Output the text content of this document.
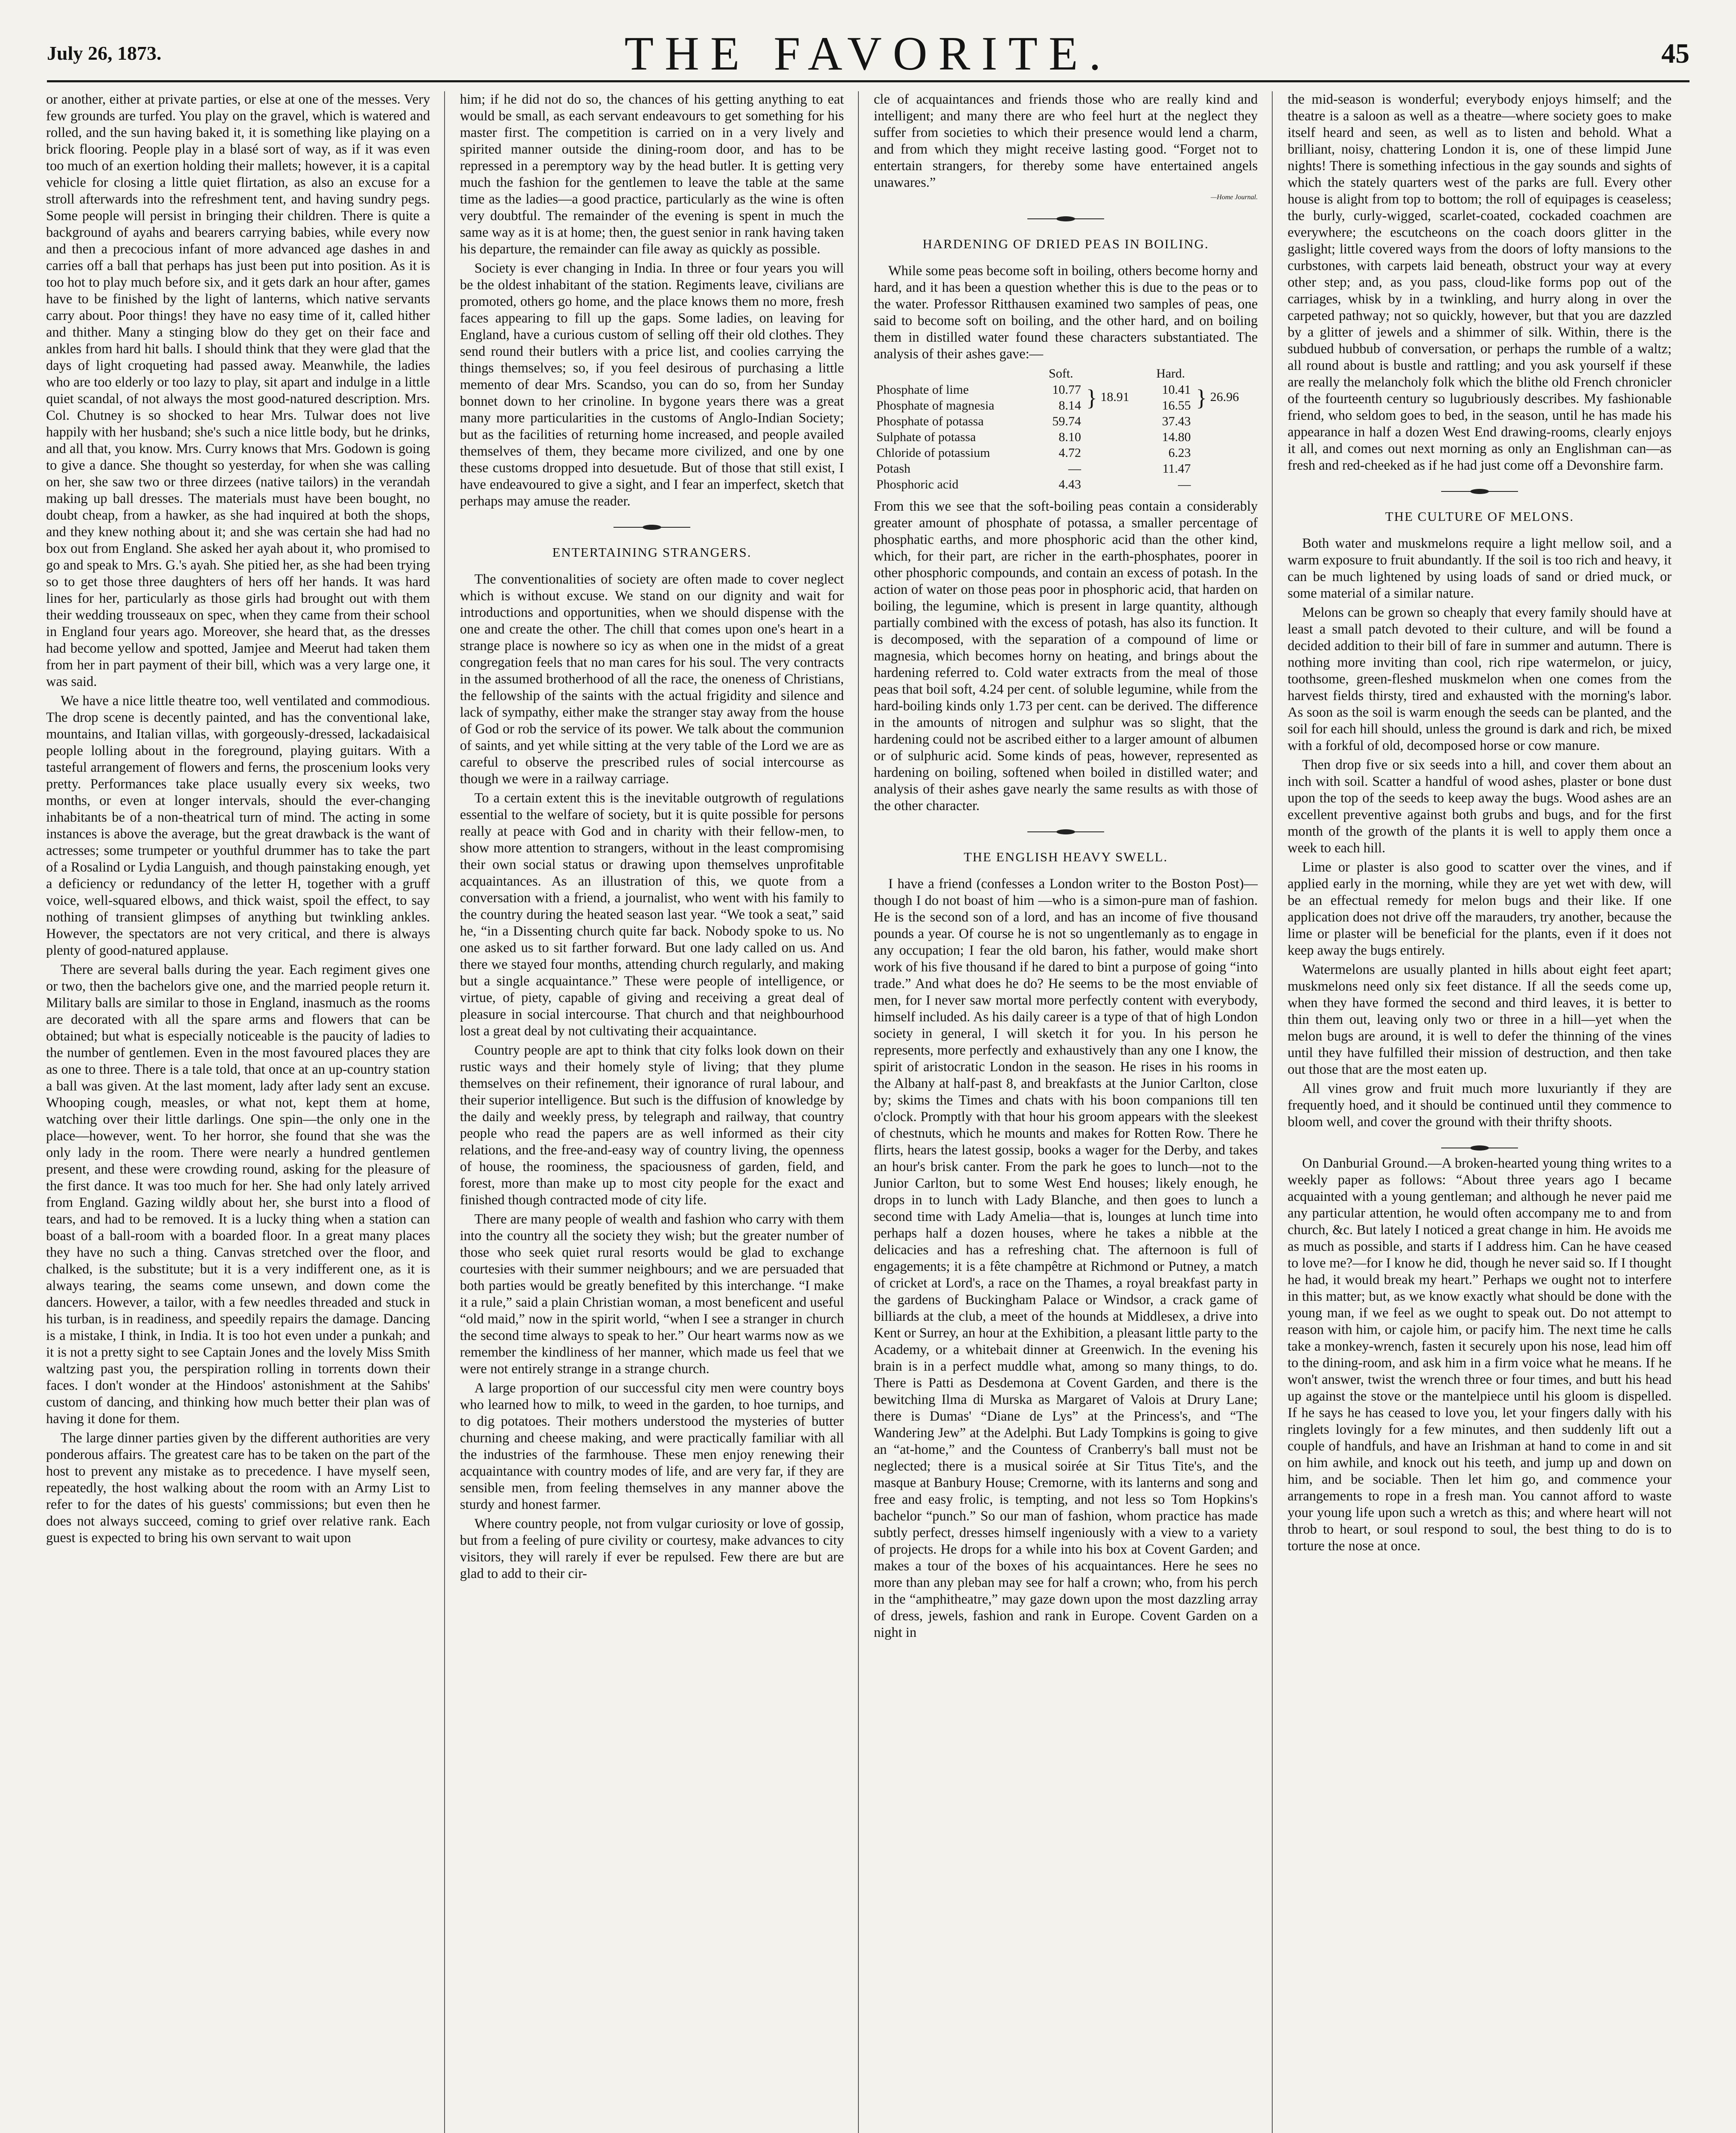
July 26, 1873.	THE FAVORITE.	45

or another, either at private parties, or else at one of the messes. Very few grounds are turfed. You play on the gravel, which is watered and rolled, and the sun having baked it, it is something like playing on a brick flooring. People play in a blasé sort of way, as if it was even too much of an exertion holding their mallets; however, it is a capital vehicle for closing a little quiet flirtation, as also an excuse for a stroll afterwards into the refreshment tent, and having sundry pegs. Some people will persist in bringing their children. There is quite a background of ayahs and bearers carrying babies, while every now and then a precocious infant of more advanced age dashes in and carries off a ball that perhaps has just been put into position. As it is too hot to play much before six, and it gets dark an hour after, games have to be finished by the light of lanterns, which native servants carry about. Poor things! they have no easy time of it, called hither and thither. Many a stinging blow do they get on their face and ankles from hard hit balls. I should think that they were glad that the days of light croqueting had passed away. Meanwhile, the ladies who are too elderly or too lazy to play, sit apart and indulge in a little quiet scandal, of not always the most good-natured description. Mrs. Col. Chutney is so shocked to hear Mrs. Tulwar does not live happily with her husband; she's such a nice little body, but he drinks, and all that, you know. Mrs. Curry knows that Mrs. Godown is going to give a dance. She thought so yesterday, for when she was calling on her, she saw two or three dirzees (native tailors) in the verandah making up ball dresses. The materials must have been bought, no doubt cheap, from a hawker, as she had inquired at both the shops, and they knew nothing about it; and she was certain she had had no box out from England. She asked her ayah about it, who promised to go and speak to Mrs. G.'s ayah. She pitied her, as she had been trying so to get those three daughters of hers off her hands. It was hard lines for her, particularly as those girls had brought out with them their wedding trousseaux on spec, when they came from their school in England four years ago. Moreover, she heard that, as the dresses had become yellow and spotted, Jamjee and Meerut had taken them from her in part payment of their bill, which was a very large one, it was said.

We have a nice little theatre too, well ventilated and commodious. The drop scene is decently painted, and has the conventional lake, mountains, and Italian villas, with gorgeously-dressed, lackadaisical people lolling about in the foreground, playing guitars. With a tasteful arrangement of flowers and ferns, the proscenium looks very pretty. Performances take place usually every six weeks, two months, or even at longer intervals, should the ever-changing inhabitants be of a non-theatrical turn of mind. The acting in some instances is above the average, but the great drawback is the want of actresses; some trumpeter or youthful drummer has to take the part of a Rosalind or Lydia Languish, and though painstaking enough, yet a deficiency or redundancy of the letter H, together with a gruff voice, well-squared elbows, and thick waist, spoil the effect, to say nothing of transient glimpses of anything but twinkling ankles. However, the spectators are not very critical, and there is always plenty of good-natured applause.

There are several balls during the year. Each regiment gives one or two, then the bachelors give one, and the married people return it. Military balls are similar to those in England, inasmuch as the rooms are decorated with all the spare arms and flowers that can be obtained; but what is especially noticeable is the paucity of ladies to the number of gentlemen. Even in the most favoured places they are as one to three. There is a tale told, that once at an up-country station a ball was given. At the last moment, lady after lady sent an excuse. Whooping cough, measles, or what not, kept them at home, watching over their little darlings. One spin—the only one in the place—however, went. To her horror, she found that she was the only lady in the room. There were nearly a hundred gentlemen present, and these were crowding round, asking for the pleasure of the first dance. It was too much for her. She had only lately arrived from England. Gazing wildly about her, she burst into a flood of tears, and had to be removed. It is a lucky thing when a station can boast of a ball-room with a boarded floor. In a great many places they have no such a thing. Canvas stretched over the floor, and chalked, is the substitute; but it is a very indifferent one, as it is always tearing, the seams come unsewn, and down come the dancers. However, a tailor, with a few needles threaded and stuck in his turban, is in readiness, and speedily repairs the damage. Dancing is a mistake, I think, in India. It is too hot even under a punkah; and it is not a pretty sight to see Captain Jones and the lovely Miss Smith waltzing past you, the perspiration rolling in torrents down their faces. I don't wonder at the Hindoos' astonishment at the Sahibs' custom of dancing, and thinking how much better their plan was of having it done for them.

The large dinner parties given by the different authorities are very ponderous affairs. The greatest care has to be taken on the part of the host to prevent any mistake as to precedence. I have myself seen, repeatedly, the host walking about the room with an Army List to refer to for the dates of his guests' commissions; but even then he does not always succeed, coming to grief over relative rank. Each guest is expected to bring his own servant to wait upon

him; if he did not do so, the chances of his getting anything to eat would be small, as each servant endeavours to get something for his master first. The competition is carried on in a very lively and spirited manner outside the dining-room door, and has to be repressed in a peremptory way by the head butler. It is getting very much the fashion for the gentlemen to leave the table at the same time as the ladies—a good practice, particularly as the wine is often very doubtful. The remainder of the evening is spent in much the same way as it is at home; then, the guest senior in rank having taken his departure, the remainder can file away as quickly as possible.

Society is ever changing in India. In three or four years you will be the oldest inhabitant of the station. Regiments leave, civilians are promoted, others go home, and the place knows them no more, fresh faces appearing to fill up the gaps. Some ladies, on leaving for England, have a curious custom of selling off their old clothes. They send round their butlers with a price list, and coolies carrying the things themselves; so, if you feel desirous of purchasing a little memento of dear Mrs. Scandso, you can do so, from her Sunday bonnet down to her crinoline. In bygone years there was a great many more particularities in the customs of Anglo-Indian Society; but as the facilities of returning home increased, and people availed themselves of them, they became more civilized, and one by one these customs dropped into desuetude. But of those that still exist, I have endeavoured to give a sight, and I fear an imperfect, sketch that perhaps may amuse the reader.

ENTERTAINING STRANGERS.

The conventionalities of society are often made to cover neglect which is without excuse. We stand on our dignity and wait for introductions and opportunities, when we should dispense with the one and create the other. The chill that comes upon one's heart in a strange place is nowhere so icy as when one in the midst of a great congregation feels that no man cares for his soul. The very contracts in the assumed brotherhood of all the race, the oneness of Christians, the fellowship of the saints with the actual frigidity and silence and lack of sympathy, either make the stranger stay away from the house of God or rob the service of its power. We talk about the communion of saints, and yet while sitting at the very table of the Lord we are as careful to observe the prescribed rules of social intercourse as though we were in a railway carriage.

To a certain extent this is the inevitable outgrowth of regulations essential to the welfare of society, but it is quite possible for persons really at peace with God and in charity with their fellow-men, to show more attention to strangers, without in the least compromising their own social status or drawing upon themselves unprofitable acquaintances. As an illustration of this, we quote from a conversation with a friend, a journalist, who went with his family to the country during the heated season last year. “We took a seat,” said he, “in a Dissenting church quite far back. Nobody spoke to us. No one asked us to sit farther forward. But one lady called on us. And there we stayed four months, attending church regularly, and making but a single acquaintance.” These were people of intelligence, or virtue, of piety, capable of giving and receiving a great deal of pleasure in social intercourse. That church and that neighbourhood lost a great deal by not cultivating their acquaintance.

Country people are apt to think that city folks look down on their rustic ways and their homely style of living; that they plume themselves on their refinement, their ignorance of rural labour, and their superior intelligence. But such is the diffusion of knowledge by the daily and weekly press, by telegraph and railway, that country people who read the papers are as well informed as their city relations, and the free-and-easy way of country living, the openness of house, the roominess, the spaciousness of garden, field, and forest, more than make up to most city people for the exact and finished though contracted mode of city life.

There are many people of wealth and fashion who carry with them into the country all the society they wish; but the greater number of those who seek quiet rural resorts would be glad to exchange courtesies with their summer neighbours; and we are persuaded that both parties would be greatly benefited by this interchange. “I make it a rule,” said a plain Christian woman, a most beneficent and useful “old maid,” now in the spirit world, “when I see a stranger in church the second time always to speak to her.” Our heart warms now as we remember the kindliness of her manner, which made us feel that we were not entirely strange in a strange church.

A large proportion of our successful city men were country boys who learned how to milk, to weed in the garden, to hoe turnips, and to dig potatoes. Their mothers understood the mysteries of butter churning and cheese making, and were practically familiar with all the industries of the farmhouse. These men enjoy renewing their acquaintance with country modes of life, and are very far, if they are sensible men, from feeling themselves in any manner above the sturdy and honest farmer.

Where country people, not from vulgar curiosity or love of gossip, but from a feeling of pure civility or courtesy, make advances to city visitors, they will rarely if ever be repulsed. Few there are but are glad to add to their cir-

cle of acquaintances and friends those who are really kind and intelligent; and many there are who feel hurt at the neglect they suffer from societies to which their presence would lend a charm, and from which they might receive lasting good. “Forget not to entertain strangers, for thereby some have entertained angels unawares.”

—Home Journal.
HARDENING OF DRIED PEAS IN BOILING.

While some peas become soft in boiling, others become horny and hard, and it has been a question whether this is due to the peas or to the water. Professor Ritthausen examined two samples of peas, one said to become soft on boiling, and the other hard, and on boiling them in distilled water found these characters substantiated. The analysis of their ashes gave:—

	Soft.		Hard.	
Phosphate of lime	10.77	} 18.91	10.41	} 26.96
Phosphate of magnesia	8.14		16.55	
Phosphate of potassa	59.74		37.43	
Sulphate of potassa	8.10		14.80	
Chloride of potassium	4.72		6.23	
Potash	—		11.47	
Phosphoric acid	4.43		—	

From this we see that the soft-boiling peas contain a considerably greater amount of phosphate of potassa, a smaller percentage of phosphatic earths, and more phosphoric acid than the other kind, which, for their part, are richer in the earth-phosphates, poorer in other phosphoric compounds, and contain an excess of potash. In the action of water on those peas poor in phosphoric acid, that harden on boiling, the legumine, which is present in large quantity, although partially combined with the excess of potash, has also its function. It is decomposed, with the separation of a compound of lime or magnesia, which becomes horny on heating, and brings about the hardening referred to. Cold water extracts from the meal of those peas that boil soft, 4.24 per cent. of soluble legumine, while from the hard-boiling kinds only 1.73 per cent. can be derived. The difference in the amounts of nitrogen and sulphur was so slight, that the hardening could not be ascribed either to a larger amount of albumen or of sulphuric acid. Some kinds of peas, however, represented as hardening on boiling, softened when boiled in distilled water; and analysis of their ashes gave nearly the same results as with those of the other character.

THE ENGLISH HEAVY SWELL.

I have a friend (confesses a London writer to the Boston Post)—though I do not boast of him —who is a simon-pure man of fashion. He is the second son of a lord, and has an income of five thousand pounds a year. Of course he is not so ungentlemanly as to engage in any occupation; I fear the old baron, his father, would make short work of his five thousand if he dared to bint a purpose of going “into trade.” And what does he do? He seems to be the most enviable of men, for I never saw mortal more perfectly content with everybody, himself included. As his daily career is a type of that of high London society in general, I will sketch it for you. In his person he represents, more perfectly and exhaustively than any one I know, the spirit of aristocratic London in the season. He rises in his rooms in the Albany at half-past 8, and breakfasts at the Junior Carlton, close by; skims the Times and chats with his boon companions till ten o'clock. Promptly with that hour his groom appears with the sleekest of chestnuts, which he mounts and makes for Rotten Row. There he flirts, hears the latest gossip, books a wager for the Derby, and takes an hour's brisk canter. From the park he goes to lunch—not to the Junior Carlton, but to some West End houses; likely enough, he drops in to lunch with Lady Blanche, and then goes to lunch a second time with Lady Amelia—that is, lounges at lunch time into perhaps half a dozen houses, where he takes a nibble at the delicacies and has a refreshing chat. The afternoon is full of engagements; it is a fête champêtre at Richmond or Putney, a match of cricket at Lord's, a race on the Thames, a royal breakfast party in the gardens of Buckingham Palace or Windsor, a crack game of billiards at the club, a meet of the hounds at Middlesex, a drive into Kent or Surrey, an hour at the Exhibition, a pleasant little party to the Academy, or a whitebait dinner at Greenwich. In the evening his brain is in a perfect muddle what, among so many things, to do. There is Patti as Desdemona at Covent Garden, and there is the bewitching Ilma di Murska as Margaret of Valois at Drury Lane; there is Dumas' “Diane de Lys” at the Princess's, and “The Wandering Jew” at the Adelphi. But Lady Tompkins is going to give an “at-home,” and the Countess of Cranberry's ball must not be neglected; there is a musical soirée at Sir Titus Tite's, and the masque at Banbury House; Cremorne, with its lanterns and song and free and easy frolic, is tempting, and not less so Tom Hopkins's bachelor “punch.” So our man of fashion, whom practice has made subtly perfect, dresses himself ingeniously with a view to a variety of projects. He drops for a while into his box at Covent Garden; and makes a tour of the boxes of his acquaintances. Here he sees no more than any pleban may see for half a crown; who, from his perch in the “amphitheatre,” may gaze down upon the most dazzling array of dress, jewels, fashion and rank in Europe. Covent Garden on a night in

the mid-season is wonderful; everybody enjoys himself; and the theatre is a saloon as well as a theatre—where society goes to make itself heard and seen, as well as to listen and behold. What a brilliant, noisy, chattering London it is, one of these limpid June nights! There is something infectious in the gay sounds and sights of which the stately quarters west of the parks are full. Every other house is alight from top to bottom; the roll of equipages is ceaseless; the burly, curly-wigged, scarlet-coated, cockaded coachmen are everywhere; the escutcheons on the coach doors glitter in the gaslight; little covered ways from the doors of lofty mansions to the curbstones, with carpets laid beneath, obstruct your way at every other step; and, as you pass, cloud-like forms pop out of the carriages, whisk by in a twinkling, and hurry along in over the carpeted pathway; not so quickly, however, but that you are dazzled by a glitter of jewels and a shimmer of silk. Within, there is the subdued hubbub of conversation, or perhaps the rumble of a waltz; all round about is bustle and rattling; and you ask yourself if these are really the melancholy folk which the blithe old French chronicler of the fourteenth century so lugubriously describes. My fashionable friend, who seldom goes to bed, in the season, until he has made his appearance in half a dozen West End drawing-rooms, clearly enjoys it all, and comes out next morning as only an Englishman can—as fresh and red-cheeked as if he had just come off a Devonshire farm.

THE CULTURE OF MELONS.

Both water and muskmelons require a light mellow soil, and a warm exposure to fruit abundantly. If the soil is too rich and heavy, it can be much lightened by using loads of sand or dried muck, or some material of a similar nature.

Melons can be grown so cheaply that every family should have at least a small patch devoted to their culture, and will be found a decided addition to their bill of fare in summer and autumn. There is nothing more inviting than cool, rich ripe watermelon, or juicy, toothsome, green-fleshed muskmelon when one comes from the harvest fields thirsty, tired and exhausted with the morning's labor. As soon as the soil is warm enough the seeds can be planted, and the soil for each hill should, unless the ground is dark and rich, be mixed with a forkful of old, decomposed horse or cow manure.

Then drop five or six seeds into a hill, and cover them about an inch with soil. Scatter a handful of wood ashes, plaster or bone dust upon the top of the seeds to keep away the bugs. Wood ashes are an excellent preventive against both grubs and bugs, and for the first month of the growth of the plants it is well to apply them once a week to each hill.

Lime or plaster is also good to scatter over the vines, and if applied early in the morning, while they are yet wet with dew, will be an effectual remedy for melon bugs and their like. If one application does not drive off the marauders, try another, because the lime or plaster will be beneficial for the plants, even if it does not keep away the bugs entirely.

Watermelons are usually planted in hills about eight feet apart; muskmelons need only six feet distance. If all the seeds come up, when they have formed the second and third leaves, it is better to thin them out, leaving only two or three in a hill—yet when the melon bugs are around, it is well to defer the thinning of the vines until they have fulfilled their mission of destruction, and then take out those that are the most eaten up.

All vines grow and fruit much more luxuriantly if they are frequently hoed, and it should be continued until they commence to bloom well, and cover the ground with their thrifty shoots.

On Danburial Ground.—A broken-hearted young thing writes to a weekly paper as follows: “About three years ago I became acquainted with a young gentleman; and although he never paid me any particular attention, he would often accompany me to and from church, &c. But lately I noticed a great change in him. He avoids me as much as possible, and starts if I address him. Can he have ceased to love me?—for I know he did, though he never said so. If I thought he had, it would break my heart.” Perhaps we ought not to interfere in this matter; but, as we know exactly what should be done with the young man, if we feel as we ought to speak out. Do not attempt to reason with him, or cajole him, or pacify him. The next time he calls take a monkey-wrench, fasten it securely upon his nose, lead him off to the dining-room, and ask him in a firm voice what he means. If he won't answer, twist the wrench three or four times, and butt his head up against the stove or the mantelpiece until his gloom is dispelled. If he says he has ceased to love you, let your fingers dally with his ringlets lovingly for a few minutes, and then suddenly lift out a couple of handfuls, and have an Irishman at hand to come in and sit on him awhile, and knock out his teeth, and jump up and down on him, and be sociable. Then let him go, and commence your arrangements to rope in a fresh man. You cannot afford to waste your young life upon such a wretch as this; and where heart will not throb to heart, or soul respond to soul, the best thing to do is to torture the nose at once.
